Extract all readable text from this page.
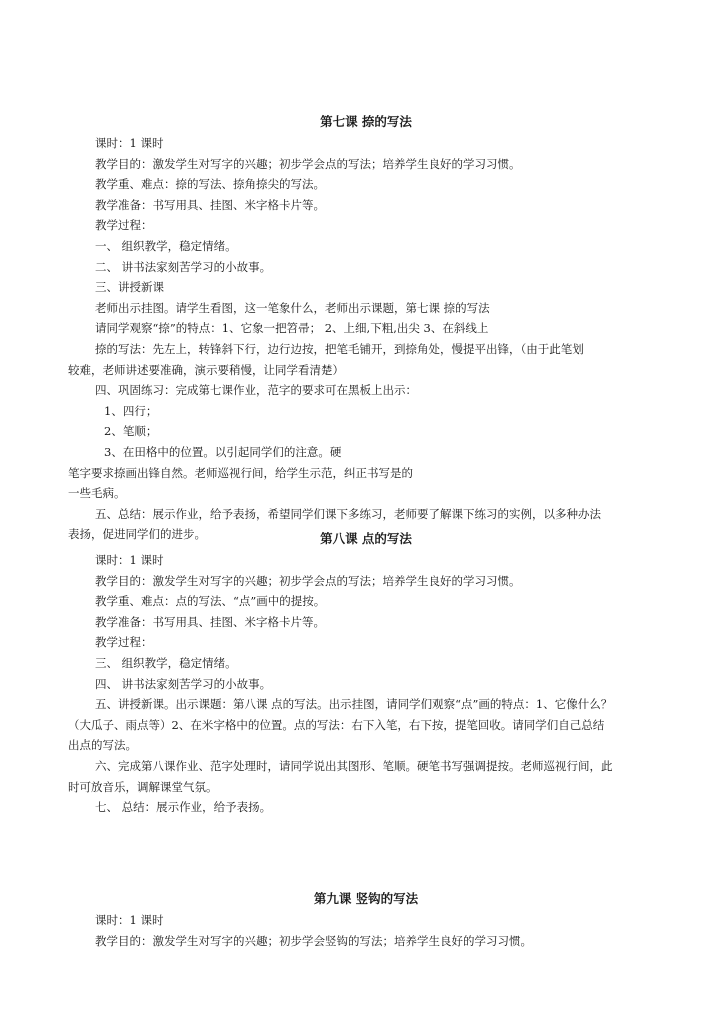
第七课 捺的写法

课时：1 课时

教学目的：激发学生对写字的兴趣；初步学会点的写法；培养学生良好的学习习惯。

教学重、难点：捺的写法、捺角捺尖的写法。

教学准备：书写用具、挂图、米字格卡片等。

教学过程：

一、 组织教学，稳定情绪。

二、 讲书法家刻苦学习的小故事。

三、讲授新课

老师出示挂图。请学生看图，这一笔象什么，老师出示课题，第七课 捺的写法

请同学观察“捺”的特点：1、它象一把笤帚； 2、上细,下粗,出尖 3、在斜线上

捺的写法：先左上，转锋斜下行，边行边按，把笔毛铺开，到捺角处，慢提平出锋，（由于此笔划

较难，老师讲述要准确，演示要稍慢，让同学看清楚）

四、巩固练习：完成第七课作业，范字的要求可在黑板上出示：

1、四行；

2、笔顺；

3、在田格中的位置。以引起同学们的注意。硬

笔字要求捺画出锋自然。老师巡视行间，给学生示范，纠正书写是的

一些毛病。

五、总结：展示作业，给予表扬，希望同学们课下多练习，老师要了解课下练习的实例，以多种办法

表扬，促进同学们的进步。	第八课 点的写法

课时：1 课时

教学目的：激发学生对写字的兴趣；初步学会点的写法；培养学生良好的学习习惯。

教学重、难点：点的写法、“点”画中的提按。

教学准备：书写用具、挂图、米字格卡片等。

教学过程：

三、 组织教学，稳定情绪。

四、 讲书法家刻苦学习的小故事。

五、讲授新课。出示课题：第八课 点的写法。出示挂图，请同学们观察“点”画的特点：1、它像什么？

（大瓜子、雨点等）2、在米字格中的位置。点的写法：右下入笔，右下按，提笔回收。请同学们自己总结

出点的写法。

六、完成第八课作业、范字处理时，请同学说出其图形、笔顺。硬笔书写强调提按。老师巡视行间，此

时可放音乐，调解课堂气氛。

七、 总结：展示作业，给予表扬。

第九课 竖钩的写法

课时：1 课时

教学目的：激发学生对写字的兴趣；初步学会竖钩的写法；培养学生良好的学习习惯。
